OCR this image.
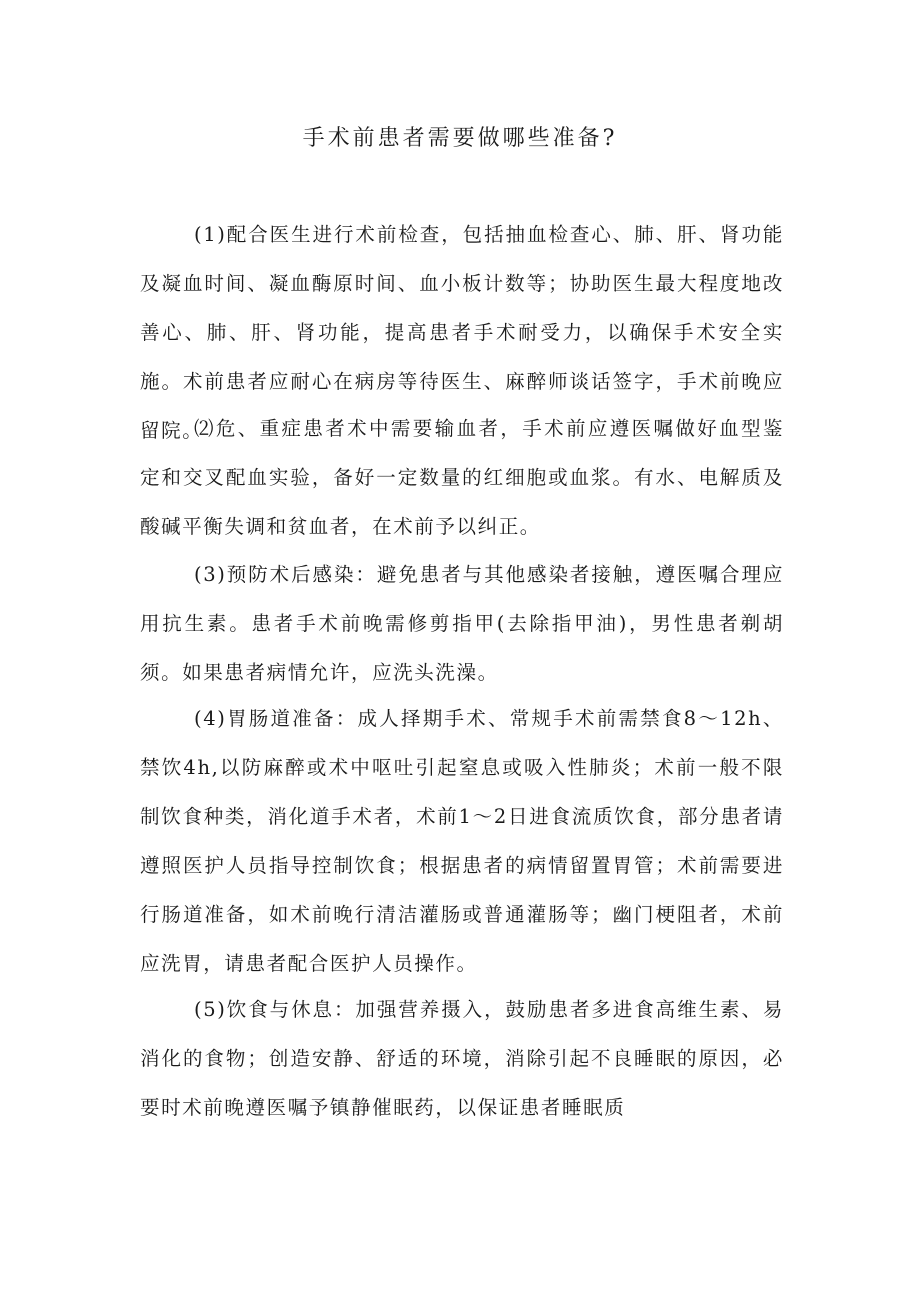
手术前患者需要做哪些准备?

(1)配合医生进行术前检查，包括抽血检查心、肺、肝、肾功能及凝血时间、凝血酶原时间、血小板计数等；协助医生最大程度地改善心、肺、肝、肾功能，提高患者手术耐受力，以确保手术安全实施。术前患者应耐心在病房等待医生、麻醉师谈话签字，手术前晚应留院。

⑵危、重症患者术中需要输血者，手术前应遵医嘱做好血型鉴定和交叉配血实验，备好一定数量的红细胞或血浆。有水、电解质及酸碱平衡失调和贫血者，在术前予以纠正。

(3)预防术后感染：避免患者与其他感染者接触，遵医嘱合理应用抗生素。患者手术前晚需修剪指甲(去除指甲油)，男性患者剃胡须。如果患者病情允许，应洗头洗澡。

(4)胃肠道准备：成人择期手术、常规手术前需禁食8～12h、禁饮4h,以防麻醉或术中呕吐引起窒息或吸入性肺炎；术前一般不限制饮食种类，消化道手术者，术前1～2日进食流质饮食，部分患者请遵照医护人员指导控制饮食；根据患者的病情留置胃管；术前需要进行肠道准备，如术前晚行清洁灌肠或普通灌肠等；幽门梗阻者，术前应洗胃，请患者配合医护人员操作。

(5)饮食与休息：加强营养摄入，鼓励患者多进食高维生素、易消化的食物；创造安静、舒适的环境，消除引起不良睡眠的原因，必要时术前晚遵医嘱予镇静催眠药，以保证患者睡眠质
